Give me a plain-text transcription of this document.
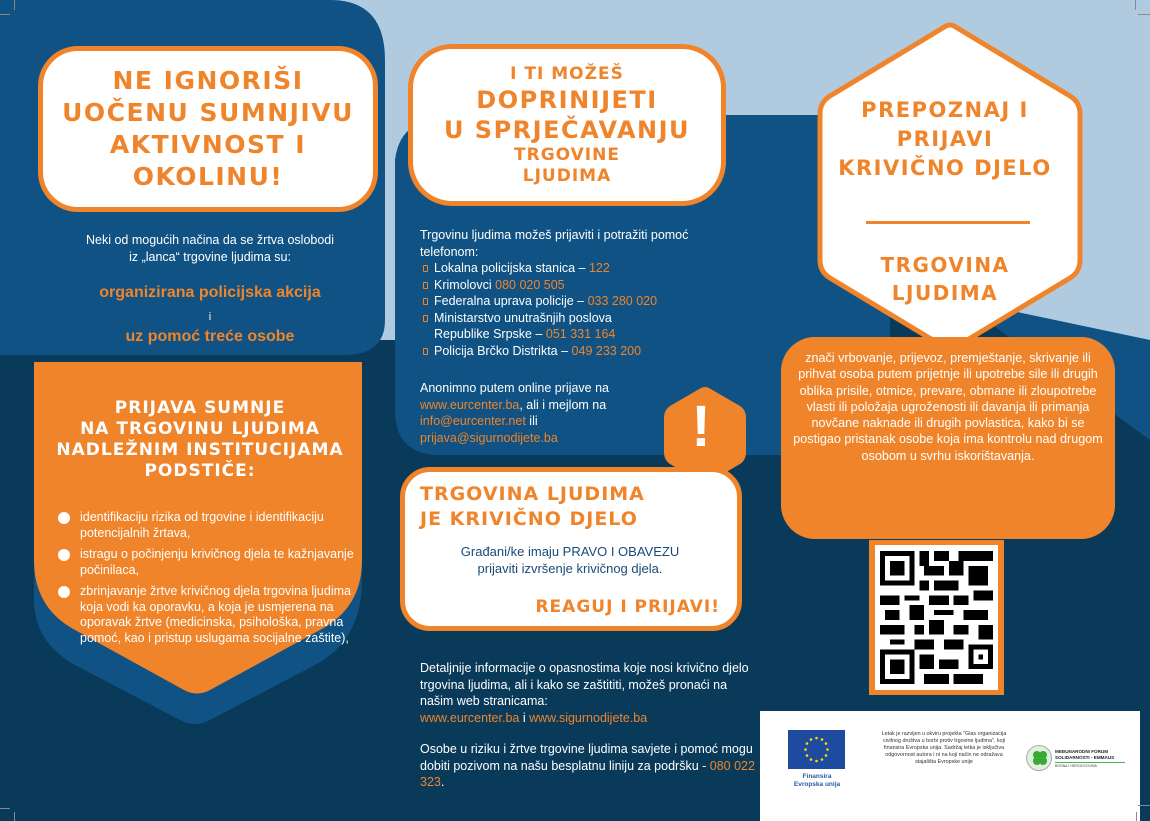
NE IGNORIŠI
UOČENU SUMNJIVU
AKTIVNOST I
OKOLINU!
Neki od mogućih načina da se žrtva oslobodi
iz „lanca“ trgovine ljudima su:
organizirana policijska akcija
i
uz pomoć treće osobe
PRIJAVA SUMNJE
NA TRGOVINU LJUDIMA
NADLEŽNIM INSTITUCIJAMA
PODSTIČE:
identifikaciju rizika od trgovine i identifikaciju potencijalnih žrtava,
istragu o počinjenju krivičnog djela te kažnjavanje počinilaca,
zbrinjavanje žrtve krivičnog djela trgovina ljudima koja vodi ka oporavku, a koja je usmjerena na oporavak žrtve (medicinska, psihološka, pravna pomoć, kao i pristup uslugama socijalne zaštite),
I TI MOŽEŠ
DOPRINIJETI
U SPRJEČAVANJU
TRGOVINE
LJUDIMA
Trgovinu ljudima možeš prijaviti i potražiti pomoć telefonom:
Lokalna policijska stanica – 122
Krimolovci 080 020 505
Federalna uprava policije – 033 280 020
Ministarstvo unutrašnjih poslova Republike Srpske – 051 331 164
Policija Brčko Distrikta – 049 233 200
Anonimno putem online prijave na
www.eurcenter.ba, ali i mejlom na
info@eurcenter.net ili
prijava@sigurnodijete.ba	!
TRGOVINA LJUDIMA
JE KRIVIČNO DJELO
Građani/ke imaju PRAVO I OBAVEZU
prijaviti izvršenje krivičnog djela.
REAGUJ I PRIJAVI!
Detaljnije informacije o opasnostima koje nosi krivično djelo trgovina ljudima, ali i kako se zaštititi, možeš pronaći na našim web stranicama:
www.eurcenter.ba i www.sigurnodijete.ba
Osobe u riziku i žrtve trgovine ljudima savjete i pomoć mogu dobiti pozivom na našu besplatnu liniju za podršku - 080 022 323.
PREPOZNAJ I
PRIJAVI
KRIVIČNO DJELO
TRGOVINA
LJUDIMA
znači vrbovanje, prijevoz, premještanje, skrivanje ili prihvat osoba putem prijetnje ili upotrebe sile ili drugih oblika prisile, otmice, prevare, obmane ili zloupotrebe vlasti ili položaja ugroženosti ili davanja ili primanja novčane naknade ili drugih povlastica, kako bi se postigao pristanak osobe koja ima kontrolu nad drugom osobom u svrhu iskorištavanja.
Finansira
Evropska unija
Letak je razvijen u okviru projekta "Glas organizacija civilnog društva u borbi protiv trgovine ljudima", koji finansira Evropska unija. Sadržaj letka je isključiva odgovornost autora i ni na koji način ne odražava stajališta Evropske unije
MEĐUNARODNI FORUM SOLIDARNOSTI - EMMAUS
BOSNA I HERCEGOVINA
